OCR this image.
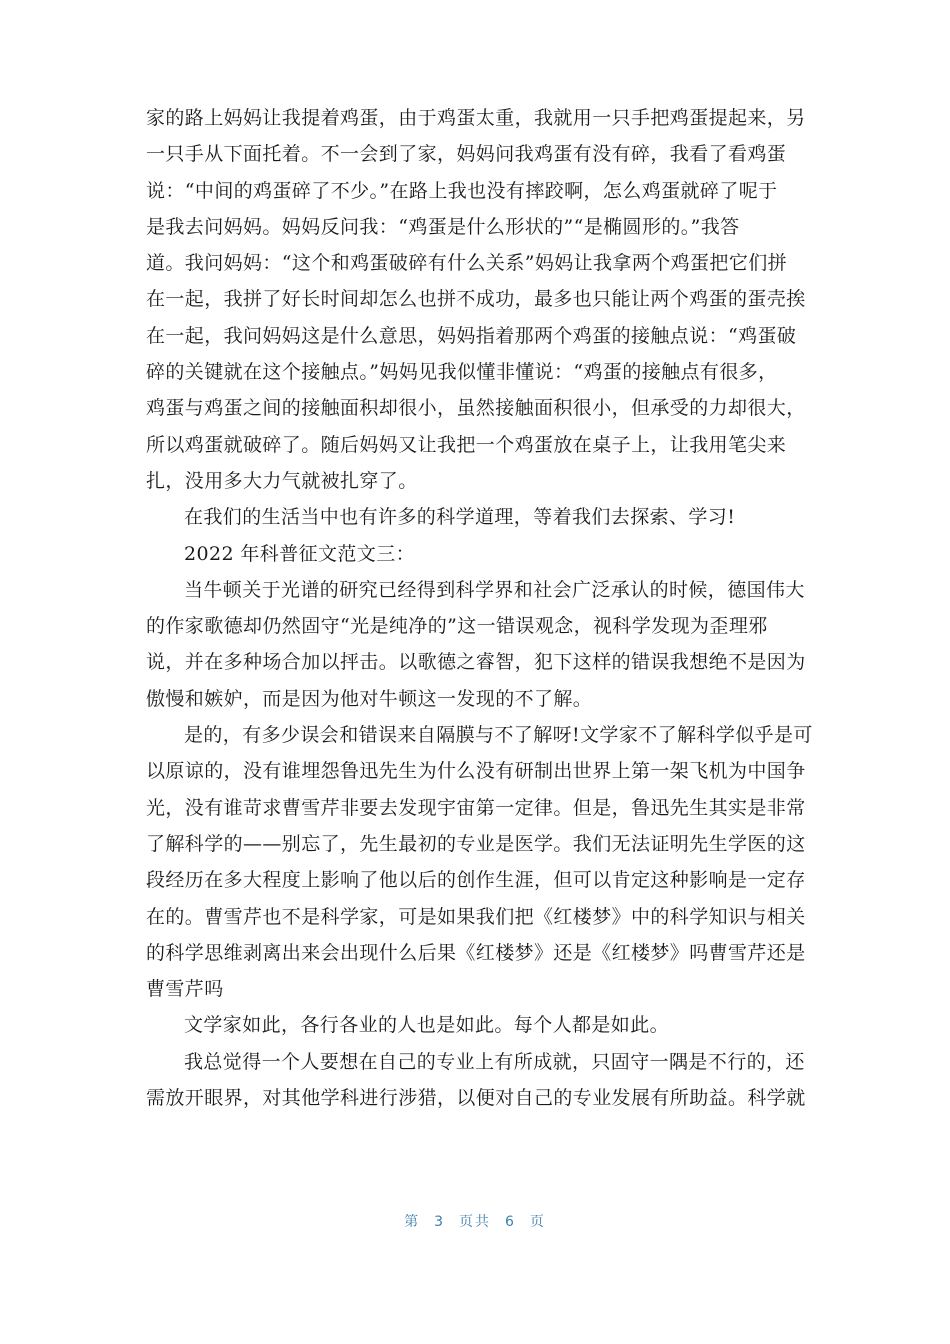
家的路上妈妈让我提着鸡蛋，由于鸡蛋太重，我就用一只手把鸡蛋提起来，另
一只手从下面托着。不一会到了家，妈妈问我鸡蛋有没有碎，我看了看鸡蛋
说：“中间的鸡蛋碎了不少。”在路上我也没有摔跤啊，怎么鸡蛋就碎了呢于
是我去问妈妈。妈妈反问我：“鸡蛋是什么形状的”“是椭圆形的。”我答
道。我问妈妈：“这个和鸡蛋破碎有什么关系”妈妈让我拿两个鸡蛋把它们拼
在一起，我拼了好长时间却怎么也拼不成功，最多也只能让两个鸡蛋的蛋壳挨
在一起，我问妈妈这是什么意思，妈妈指着那两个鸡蛋的接触点说：“鸡蛋破
碎的关键就在这个接触点。”妈妈见我似懂非懂说：“鸡蛋的接触点有很多，
鸡蛋与鸡蛋之间的接触面积却很小，虽然接触面积很小，但承受的力却很大，
所以鸡蛋就破碎了。随后妈妈又让我把一个鸡蛋放在桌子上，让我用笔尖来
扎，没用多大力气就被扎穿了。
在我们的生活当中也有许多的科学道理，等着我们去探索、学习!
2022 年科普征文范文三：
当牛顿关于光谱的研究已经得到科学界和社会广泛承认的时候，德国伟大
的作家歌德却仍然固守“光是纯净的”这一错误观念，视科学发现为歪理邪
说，并在多种场合加以抨击。以歌德之睿智，犯下这样的错误我想绝不是因为
傲慢和嫉妒，而是因为他对牛顿这一发现的不了解。
是的，有多少误会和错误来自隔膜与不了解呀!文学家不了解科学似乎是可
以原谅的，没有谁埋怨鲁迅先生为什么没有研制出世界上第一架飞机为中国争
光，没有谁苛求曹雪芹非要去发现宇宙第一定律。但是，鲁迅先生其实是非常
了解科学的——别忘了，先生最初的专业是医学。我们无法证明先生学医的这
段经历在多大程度上影响了他以后的创作生涯，但可以肯定这种影响是一定存
在的。曹雪芹也不是科学家，可是如果我们把《红楼梦》中的科学知识与相关
的科学思维剥离出来会出现什么后果《红楼梦》还是《红楼梦》吗曹雪芹还是
曹雪芹吗
文学家如此，各行各业的人也是如此。每个人都是如此。
我总觉得一个人要想在自己的专业上有所成就，只固守一隅是不行的，还
需放开眼界，对其他学科进行涉猎，以便对自己的专业发展有所助益。科学就
第 3 页共 6 页
